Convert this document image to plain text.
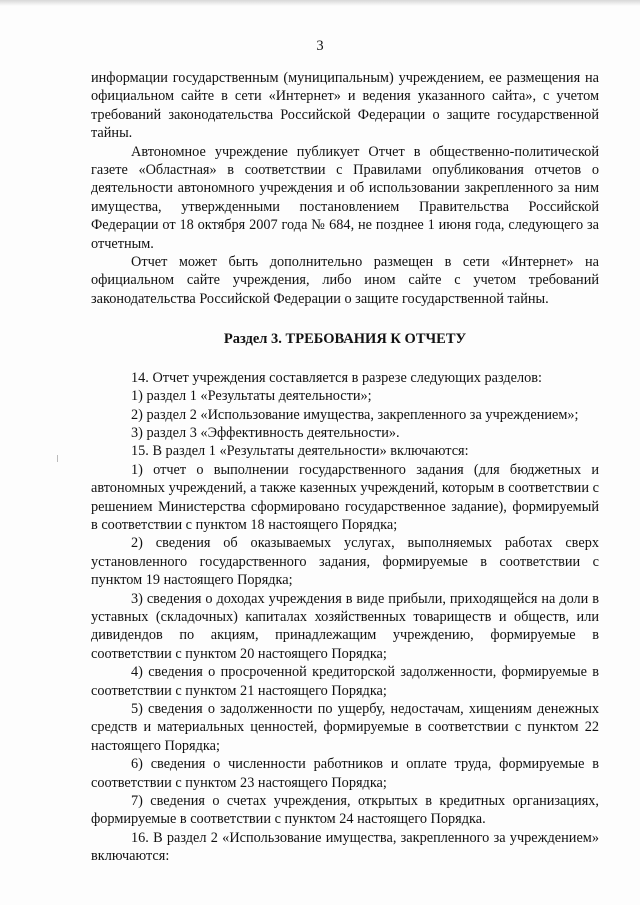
3

информации государственным (муниципальным) учреждением, ее размещения на официальном сайте в сети «Интернет» и ведения указанного сайта», с учетом требований законодательства Российской Федерации о защите государственной тайны.

Автономное учреждение публикует Отчет в общественно-политической газете «Областная» в соответствии с Правилами опубликования отчетов о деятельности автономного учреждения и об использовании закрепленного за ним имущества, утвержденными постановлением Правительства Российской Федерации от 18 октября 2007 года № 684, не позднее 1 июня года, следующего за отчетным.

Отчет может быть дополнительно размещен в сети «Интернет» на официальном сайте учреждения, либо ином сайте с учетом требований законодательства Российской Федерации о защите государственной тайны.

Раздел 3. ТРЕБОВАНИЯ К ОТЧЕТУ

14. Отчет учреждения составляется в разрезе следующих разделов:

1) раздел 1 «Результаты деятельности»;

2) раздел 2 «Использование имущества, закрепленного за учреждением»;

3) раздел 3 «Эффективность деятельности».

15. В раздел 1 «Результаты деятельности» включаются:

1) отчет о выполнении государственного задания (для бюджетных и автономных учреждений, а также казенных учреждений, которым в соответствии с решением Министерства сформировано государственное задание), формируемый в соответствии с пунктом 18 настоящего Порядка;

2) сведения об оказываемых услугах, выполняемых работах сверх установленного государственного задания, формируемые в соответствии с пунктом 19 настоящего Порядка;

3) сведения о доходах учреждения в виде прибыли, приходящейся на доли в уставных (складочных) капиталах хозяйственных товариществ и обществ, или дивидендов по акциям, принадлежащим учреждению, формируемые в соответствии с пунктом 20 настоящего Порядка;

4) сведения о просроченной кредиторской задолженности, формируемые в соответствии с пунктом 21 настоящего Порядка;

5) сведения о задолженности по ущербу, недостачам, хищениям денежных средств и материальных ценностей, формируемые в соответствии с пунктом 22 настоящего Порядка;

6) сведения о численности работников и оплате труда, формируемые в соответствии с пунктом 23 настоящего Порядка;

7) сведения о счетах учреждения, открытых в кредитных организациях, формируемые в соответствии с пунктом 24 настоящего Порядка.

16. В раздел 2 «Использование имущества, закрепленного за учреждением» включаются:
